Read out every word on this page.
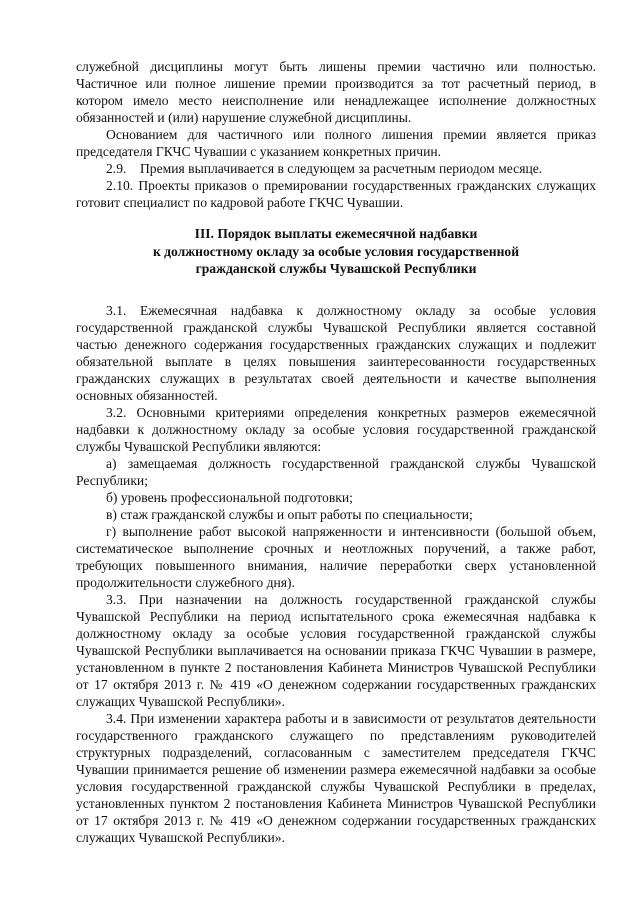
служебной дисциплины могут быть лишены премии частично или полностью. Частичное или полное лишение премии производится за тот расчетный период, в котором имело место неисполнение или ненадлежащее исполнение должностных обязанностей и (или) нарушение служебной дисциплины.

Основанием для частичного или полного лишения премии является приказ председателя ГКЧС Чувашии с указанием конкретных причин.

2.9.    Премия выплачивается в следующем за расчетным периодом месяце.

2.10. Проекты приказов о премировании государственных гражданских служащих готовит специалист по кадровой работе ГКЧС Чувашии.

III. Порядок выплаты ежемесячной надбавки
к должностному окладу за особые условия государственной
гражданской службы Чувашской Республики

3.1. Ежемесячная надбавка к должностному окладу за особые условия государственной гражданской службы Чувашской Республики является составной частью денежного содержания государственных гражданских служащих и подлежит обязательной выплате в целях повышения заинтересованности государственных гражданских служащих в результатах своей деятельности и качестве выполнения основных обязанностей.

3.2. Основными критериями определения конкретных размеров ежемесячной надбавки к должностному окладу за особые условия государственной гражданской службы Чувашской Республики являются:

а) замещаемая должность государственной гражданской службы Чувашской Республики;

б) уровень профессиональной подготовки;

в) стаж гражданской службы и опыт работы по специальности;

г) выполнение работ высокой напряженности и интенсивности (большой объем, систематическое выполнение срочных и неотложных поручений, а также работ, требующих повышенного внимания, наличие переработки сверх установленной продолжительности служебного дня).

3.3. При назначении на должность государственной гражданской службы Чувашской Республики на период испытательного срока ежемесячная надбавка к должностному окладу за особые условия государственной гражданской службы Чувашской Республики выплачивается на основании приказа ГКЧС Чувашии в размере, установленном в пункте 2 постановления Кабинета Министров Чувашской Республики от 17 октября 2013 г. № 419 «О денежном содержании государственных гражданских служащих Чувашской Республики».

3.4. При изменении характера работы и в зависимости от результатов деятельности государственного гражданского служащего по представлениям руководителей структурных подразделений, согласованным с заместителем председателя ГКЧС Чувашии принимается решение об изменении размера ежемесячной надбавки за особые условия государственной гражданской службы Чувашской Республики в пределах, установленных пунктом 2 постановления Кабинета Министров Чувашской Республики от 17 октября 2013 г. № 419 «О денежном содержании государственных гражданских служащих Чувашской Республики».
